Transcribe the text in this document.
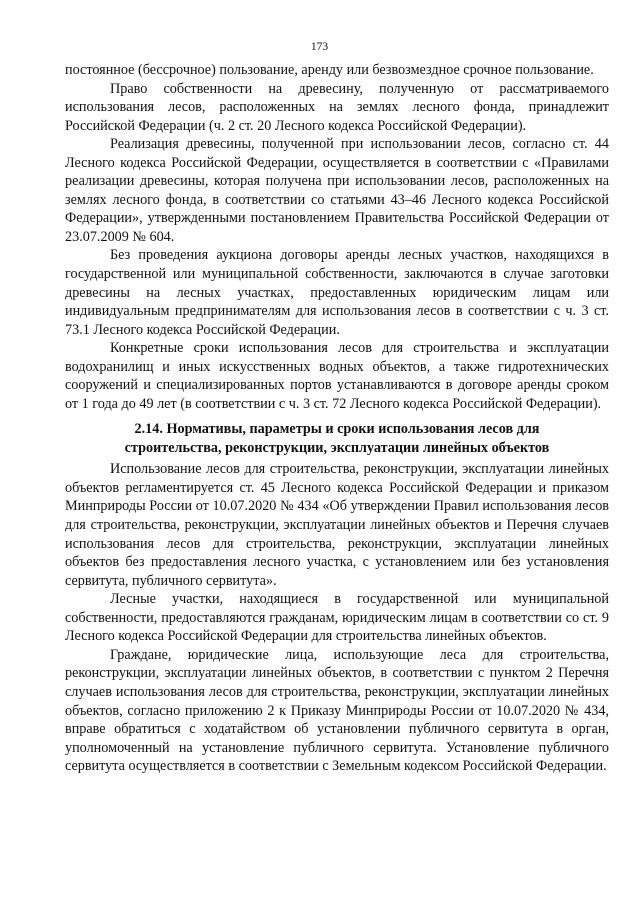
173

постоянное (бессрочное) пользование, аренду или безвозмездное срочное пользование.

Право собственности на древесину, полученную от рассматриваемого использования лесов, расположенных на землях лесного фонда, принадлежит Российской Федерации (ч. 2 ст. 20 Лесного кодекса Российской Федерации).

Реализация древесины, полученной при использовании лесов, согласно ст. 44 Лесного кодекса Российской Федерации, осуществляется в соответствии с «Правилами реализации древесины, которая получена при использовании лесов, расположенных на землях лесного фонда, в соответствии со статьями 43–46 Лесного кодекса Российской Федерации», утвержденными постановлением Правительства Российской Федерации от 23.07.2009 № 604.

Без проведения аукциона договоры аренды лесных участков, находящихся в государственной или муниципальной собственности, заключаются в случае заготовки древесины на лесных участках, предоставленных юридическим лицам или индивидуальным предпринимателям для использования лесов в соответствии с ч. 3 ст. 73.1 Лесного кодекса Российской Федерации.

Конкретные сроки использования лесов для строительства и эксплуатации водохранилищ и иных искусственных водных объектов, а также гидротехнических сооружений и специализированных портов устанавливаются в договоре аренды сроком от 1 года до 49 лет (в соответствии с ч. 3 ст. 72 Лесного кодекса Российской Федерации).

2.14. Нормативы, параметры и сроки использования лесов для строительства, реконструкции, эксплуатации линейных объектов

Использование лесов для строительства, реконструкции, эксплуатации линейных объектов регламентируется ст. 45 Лесного кодекса Российской Федерации и приказом Минприроды России от 10.07.2020 № 434 «Об утверждении Правил использования лесов для строительства, реконструкции, эксплуатации линейных объектов и Перечня случаев использования лесов для строительства, реконструкции, эксплуатации линейных объектов без предоставления лесного участка, с установлением или без установления сервитута, публичного сервитута».

Лесные участки, находящиеся в государственной или муниципальной собственности, предоставляются гражданам, юридическим лицам в соответствии со ст. 9 Лесного кодекса Российской Федерации для строительства линейных объектов.

Граждане, юридические лица, использующие леса для строительства, реконструкции, эксплуатации линейных объектов, в соответствии с пунктом 2 Перечня случаев использования лесов для строительства, реконструкции, эксплуатации линейных объектов, согласно приложению 2 к Приказу Минприроды России от 10.07.2020 № 434, вправе обратиться с ходатайством об установлении публичного сервитута в орган, уполномоченный на установление публичного сервитута. Установление публичного сервитута осуществляется в соответствии с Земельным кодексом Российской Федерации.
